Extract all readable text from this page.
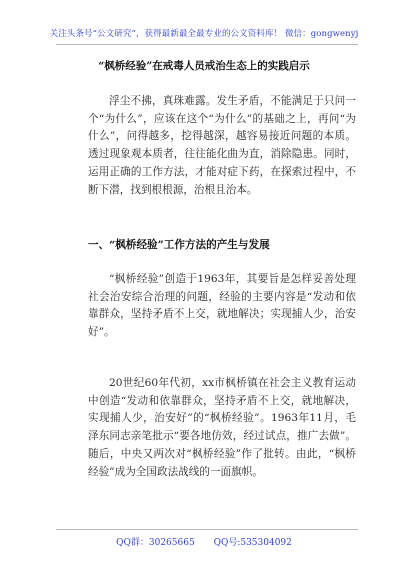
关注头条号“公文研究”，获得最新最全最专业的公文资料库！ 微信：gongwenyj
“枫桥经验”在戒毒人员戒治生态上的实践启示

浮尘不拂，真珠难露。发生矛盾，不能满足于只问一个“为什么”，应该在这个“为什么”的基础之上，再问“为什么”，问得越多，挖得越深，越容易接近问题的本质。透过现象观本质者，往往能化曲为直，消除隐患。同时，运用正确的工作方法，才能对症下药，在探索过程中，不断下潜，找到根根源，治根且治本。

一、“枫桥经验”工作方法的产生与发展

“枫桥经验”创造于1963年，其要旨是怎样妥善处理社会治安综合治理的问题，经验的主要内容是“发动和依靠群众，坚持矛盾不上交，就地解决；实现捕人少，治安好”。

20世纪60年代初，xx市枫桥镇在社会主义教育运动中创造“发动和依靠群众，坚持矛盾不上交，就地解决，实现捕人少，治安好”的“枫桥经验”。1963年11月，毛泽东同志亲笔批示“要各地仿效，经过试点，推广去做”。随后，中央又两次对“枫桥经验”作了批转。由此，“枫桥经验”成为全国政法战线的一面旗帜。

QQ群：30265665 QQ号:535304092
